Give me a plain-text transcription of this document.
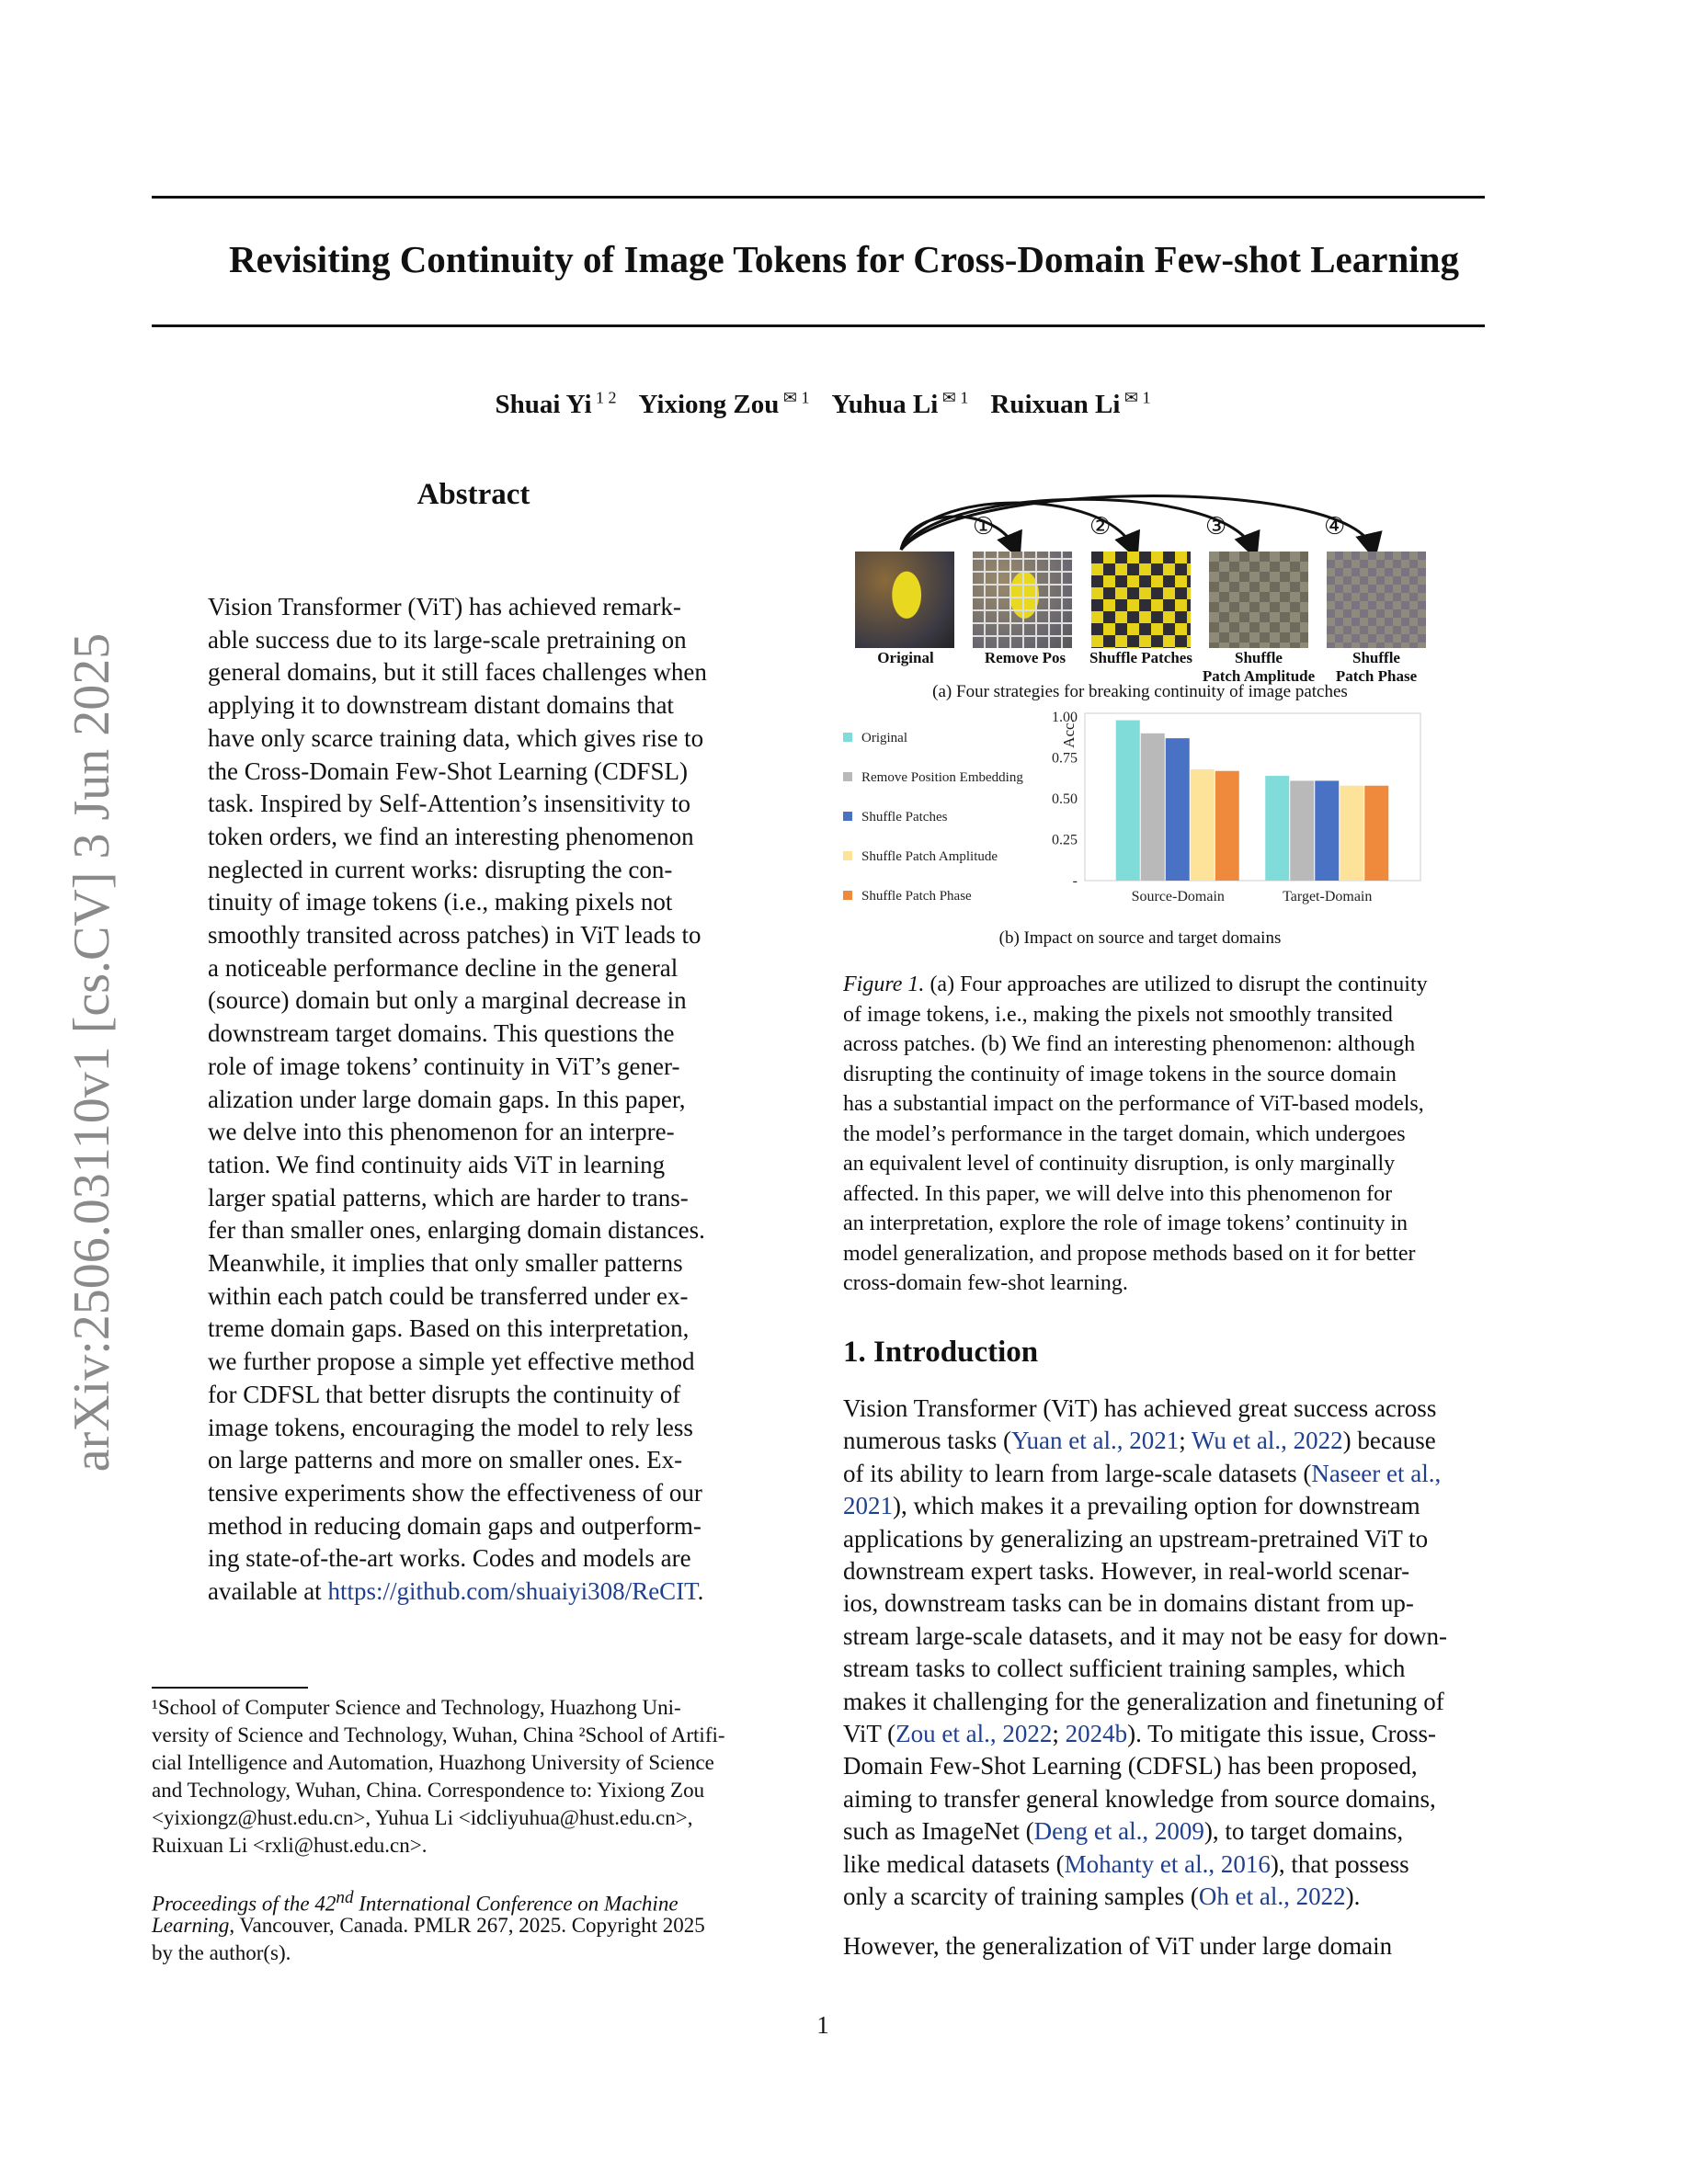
Revisiting Continuity of Image Tokens for Cross-Domain Few-shot Learning
Shuai Yi $^{1 2}$ Yixiong Zou $^{✉ 1}$ Yuhua Li $^{✉ 1}$ Ruixuan Li $^{✉ 1}$
arXiv:2506.03110v1 [cs.CV] 3 Jun 2025
Abstract
Vision Transformer (ViT) has achieved remark-
able success due to its large-scale pretraining on
general domains, but it still faces challenges when
applying it to downstream distant domains that
have only scarce training data, which gives rise to
the Cross-Domain Few-Shot Learning (CDFSL)
task. Inspired by Self-Attention’s insensitivity to
token orders, we find an interesting phenomenon
neglected in current works: disrupting the con-
tinuity of image tokens (i.e., making pixels not
smoothly transited across patches) in ViT leads to
a noticeable performance decline in the general
(source) domain but only a marginal decrease in
downstream target domains. This questions the
role of image tokens’ continuity in ViT’s gener-
alization under large domain gaps. In this paper,
we delve into this phenomenon for an interpre-
tation. We find continuity aids ViT in learning
larger spatial patterns, which are harder to trans-
fer than smaller ones, enlarging domain distances.
Meanwhile, it implies that only smaller patterns
within each patch could be transferred under ex-
treme domain gaps. Based on this interpretation,
we further propose a simple yet effective method
for CDFSL that better disrupts the continuity of
image tokens, encouraging the model to rely less
on large patterns and more on smaller ones. Ex-
tensive experiments show the effectiveness of our
method in reducing domain gaps and outperform-
ing state-of-the-art works. Codes and models are
available at https://github.com/shuaiyi308/ReCIT.
¹School of Computer Science and Technology, Huazhong Uni-
versity of Science and Technology, Wuhan, China ²School of Artifi-
cial Intelligence and Automation, Huazhong University of Science
and Technology, Wuhan, China. Correspondence to: Yixiong Zou
<yixiongz@hust.edu.cn>, Yuhua Li <idcliyuhua@hust.edu.cn>,
Ruixuan Li <rxli@hust.edu.cn>.
Proceedings of the 42nd International Conference on Machine
Learning, Vancouver, Canada. PMLR 267, 2025. Copyright 2025
by the author(s).
①	②	③	④
Original	Remove Pos	Shuffle Patches	Shuffle
Patch Amplitude
Shuffle
Patch Phase
(a) Four strategies for breaking continuity of image patches
-
0.25
0.50
0.75
1.00
Acc.
Source-Domain	Target-Domain
Original
Remove Position Embedding
Shuffle Patches
Shuffle Patch Amplitude
Shuffle Patch Phase
(b) Impact on source and target domains
Figure 1. (a) Four approaches are utilized to disrupt the continuity
of image tokens, i.e., making the pixels not smoothly transited
across patches. (b) We find an interesting phenomenon: although
disrupting the continuity of image tokens in the source domain
has a substantial impact on the performance of ViT-based models,
the model’s performance in the target domain, which undergoes
an equivalent level of continuity disruption, is only marginally
affected. In this paper, we will delve into this phenomenon for
an interpretation, explore the role of image tokens’ continuity in
model generalization, and propose methods based on it for better
cross-domain few-shot learning.
1. Introduction
Vision Transformer (ViT) has achieved great success across
numerous tasks (Yuan et al., 2021; Wu et al., 2022) because
of its ability to learn from large-scale datasets (Naseer et al.,
2021), which makes it a prevailing option for downstream
applications by generalizing an upstream-pretrained ViT to
downstream expert tasks. However, in real-world scenar-
ios, downstream tasks can be in domains distant from up-
stream large-scale datasets, and it may not be easy for down-
stream tasks to collect sufficient training samples, which
makes it challenging for the generalization and finetuning of
ViT (Zou et al., 2022; 2024b). To mitigate this issue, Cross-
Domain Few-Shot Learning (CDFSL) has been proposed,
aiming to transfer general knowledge from source domains,
such as ImageNet (Deng et al., 2009), to target domains,
like medical datasets (Mohanty et al., 2016), that possess
only a scarcity of training samples (Oh et al., 2022).
However, the generalization of ViT under large domain
1
